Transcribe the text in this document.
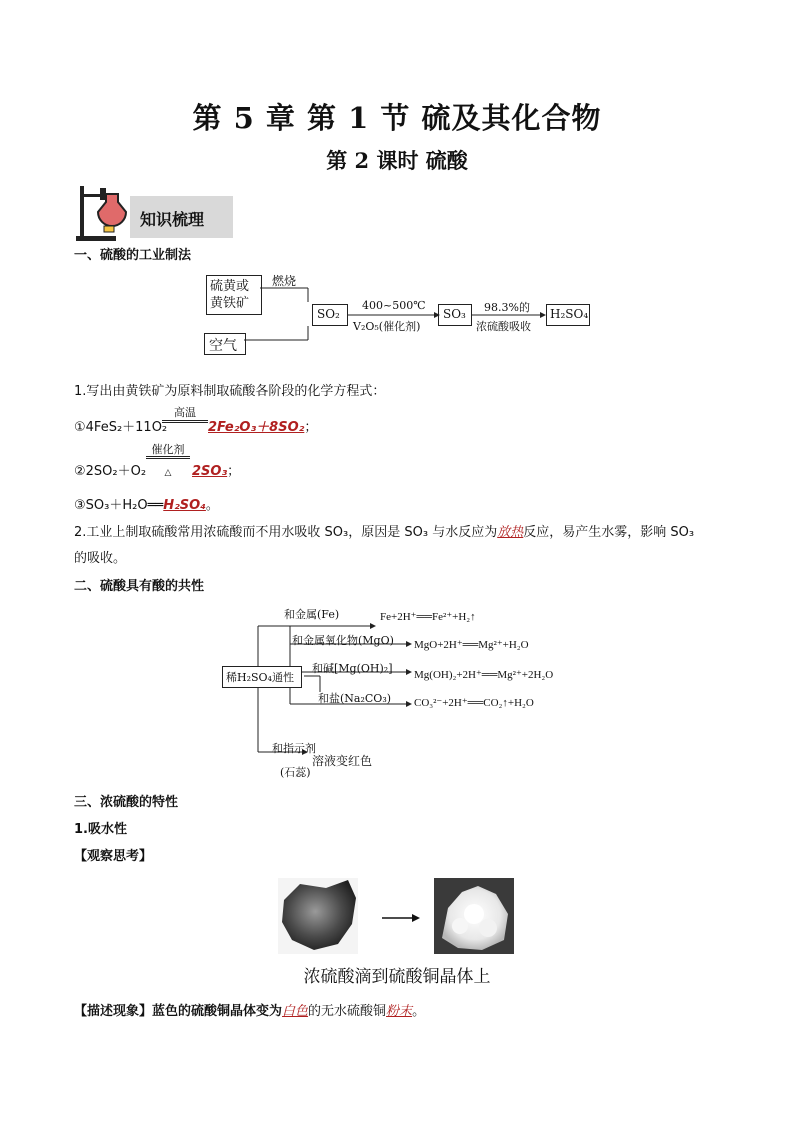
第 5 章 第 1 节 硫及其化合物
第 2 课时 硫酸
知识梳理
一、硫酸的工业制法
硫黄或黄铁矿
空气
燃烧
SO₂
400~500℃
V₂O₅(催化剂)
SO₃	98.3%的
浓硫酸吸收
H₂SO₄
1.写出由黄铁矿为原料制取硫酸各阶段的化学方程式：
①4FeS₂＋11O₂
高温
2Fe₂O₃＋8SO₂；
②2SO₂＋O₂
催化剂
△	2SO₃；
③SO₃＋H₂O══H₂SO₄。
2.工业上制取硫酸常用浓硫酸而不用水吸收 SO₃，原因是 SO₃ 与水反应为放热反应，易产生水雾，影响 SO₃
的吸收。
二、硫酸具有酸的共性
稀H₂SO₄通性
和金属(Fe)	Fe+2H⁺══Fe²⁺+H₂↑
和金属氧化物(MgO) MgO+2H⁺══Mg²⁺+H₂O
和碱[Mg(OH)₂] Mg(OH)₂+2H⁺══Mg²⁺+2H₂O
和盐(Na₂CO₃) CO₃²⁻+2H⁺══CO₂↑+H₂O
和指示剂
(石蕊)
溶液变红色
三、浓硫酸的特性
1.吸水性
【观察思考】
浓硫酸滴到硫酸铜晶体上
【描述现象】蓝色的硫酸铜晶体变为白色的无水硫酸铜粉末。
